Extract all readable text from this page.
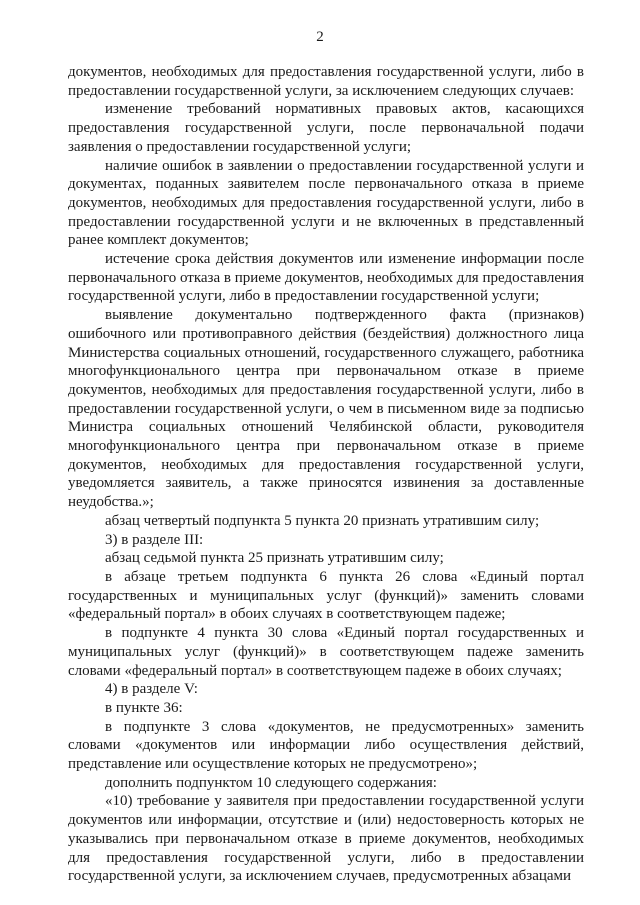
2

документов, необходимых для предоставления государственной услуги, либо в предоставлении государственной услуги, за исключением следующих случаев:

изменение требований нормативных правовых актов, касающихся предоставления государственной услуги, после первоначальной подачи заявления о предоставлении государственной услуги;

наличие ошибок в заявлении о предоставлении государственной услуги и документах, поданных заявителем после первоначального отказа в приеме документов, необходимых для предоставления государственной услуги, либо в предоставлении государственной услуги и не включенных в представленный ранее комплект документов;

истечение срока действия документов или изменение информации после первоначального отказа в приеме документов, необходимых для предоставления государственной услуги, либо в предоставлении государственной услуги;

выявление документально подтвержденного факта (признаков) ошибочного или противоправного действия (бездействия) должностного лица Министерства социальных отношений, государственного служащего, работника многофункционального центра при первоначальном отказе в приеме документов, необходимых для предоставления государственной услуги, либо в предоставлении государственной услуги, о чем в письменном виде за подписью Министра социальных отношений Челябинской области, руководителя многофункционального центра при первоначальном отказе в приеме документов, необходимых для предоставления государственной услуги, уведомляется заявитель, а также приносятся извинения за доставленные неудобства.»;

абзац четвертый подпункта 5 пункта 20 признать утратившим силу;

3) в разделе III:

абзац седьмой пункта 25 признать утратившим силу;

в абзаце третьем подпункта 6 пункта 26 слова «Единый портал государственных и муниципальных услуг (функций)» заменить словами «федеральный портал» в обоих случаях в соответствующем падеже;

в подпункте 4 пункта 30 слова «Единый портал государственных и муниципальных услуг (функций)» в соответствующем падеже заменить словами «федеральный портал» в соответствующем падеже в обоих случаях;

4) в разделе V:

в пункте 36:

в подпункте 3 слова «документов, не предусмотренных» заменить словами «документов или информации либо осуществления действий, представление или осуществление которых не предусмотрено»;

дополнить подпунктом 10 следующего содержания:

«10) требование у заявителя при предоставлении государственной услуги документов или информации, отсутствие и (или) недостоверность которых не указывались при первоначальном отказе в приеме документов, необходимых для предоставления государственной услуги, либо в предоставлении государственной услуги, за исключением случаев, предусмотренных абзацами
